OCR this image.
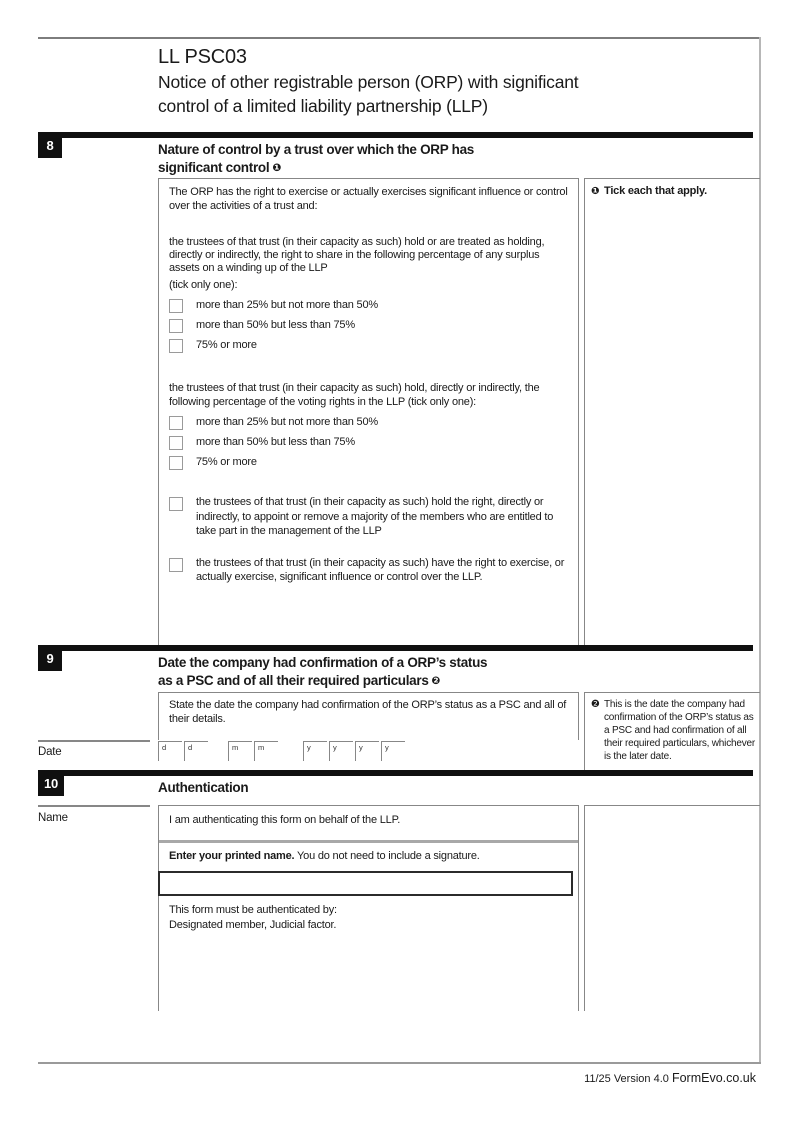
LL PSC03
Notice of other registrable person (ORP) with significant
control of a limited liability partnership (LLP)
8	Nature of control by a trust over which the ORP has
significant control ❶

The ORP has the right to exercise or actually exercises significant influence or control over the activities of a trust and:

the trustees of that trust (in their capacity as such) hold or are treated as holding, directly or indirectly, the right to share in the following percentage of any surplus assets on a winding up of the LLP

(tick only one):

more than 25% but not more than 50%
more than 50% but less than 75%
75% or more

the trustees of that trust (in their capacity as such) hold, directly or indirectly, the following percentage of the voting rights in the LLP (tick only one):

more than 25% but not more than 50%
more than 50% but less than 75%
75% or more
the trustees of that trust (in their capacity as such) hold the right, directly or indirectly, to appoint or remove a majority of the members who are entitled to take part in the management of the LLP
the trustees of that trust (in their capacity as such) have the right to exercise, or actually exercise, significant influence or control over the LLP.
❶ Tick each that apply.
9	Date the company had confirmation of a ORP’s status
as a PSC and of all their required particulars ❷
State the date the company had confirmation of the ORP’s status as a PSC and all of their details.
Date	d	d	m	m	y	y	y	y
❷ This is the date the company had confirmation of the ORP’s status as a PSC and had confirmation of all their required particulars, whichever is the later date.
10	Authentication
Name	I am authenticating this form on behalf of the LLP.
Enter your printed name. You do not need to include a signature.
This form must be authenticated by:
Designated member, Judicial factor.
11/25 Version 4.0 FormEvo.co.uk
